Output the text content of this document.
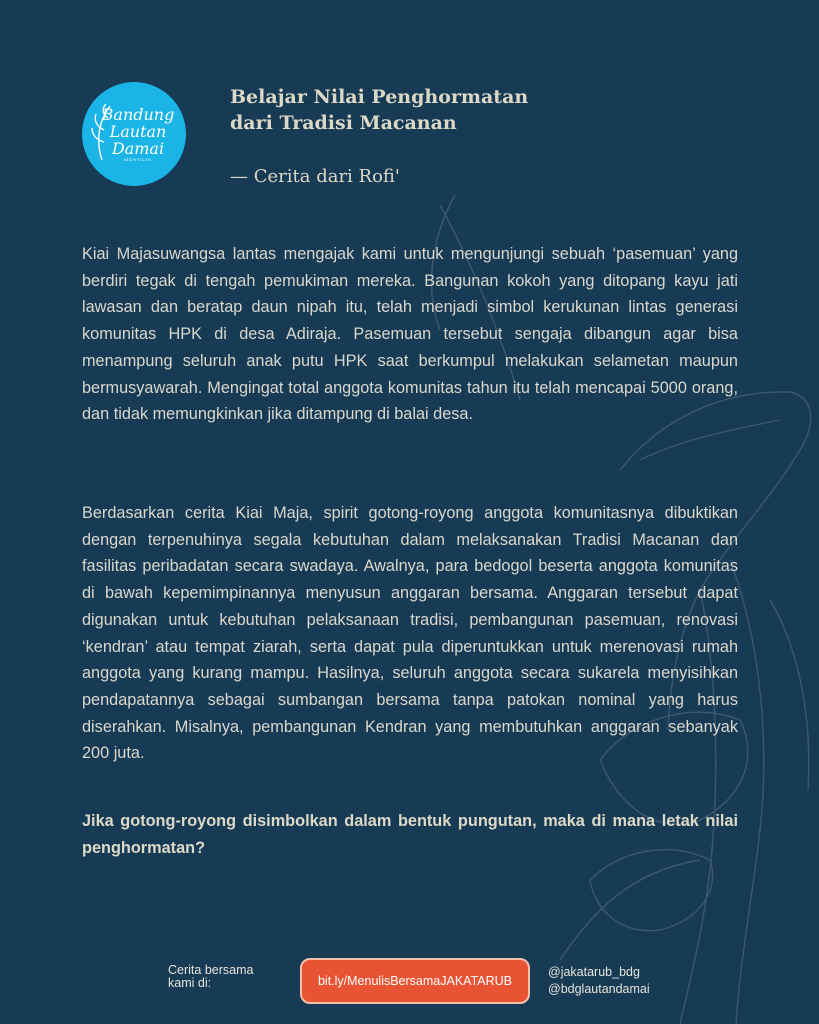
Bandung
Lautan
Damai
MENULIS
Belajar Nilai Penghormatan dari Tradisi Macanan

— Cerita dari Rofi'

Kiai Majasuwangsa lantas mengajak kami untuk mengunjungi sebuah ‘pasemuan’ yang berdiri tegak di tengah pemukiman mereka. Bangunan kokoh yang ditopang kayu jati lawasan dan beratap daun nipah itu, telah menjadi simbol kerukunan lintas generasi komunitas HPK di desa Adiraja. Pasemuan tersebut sengaja dibangun agar bisa menampung seluruh anak putu HPK saat berkumpul melakukan selametan maupun bermusyawarah. Mengingat total anggota komunitas tahun itu telah mencapai 5000 orang, dan tidak memungkinkan jika ditampung di balai desa.

Berdasarkan cerita Kiai Maja, spirit gotong-royong anggota komunitasnya dibuktikan dengan terpenuhinya segala kebutuhan dalam melaksanakan Tradisi Macanan dan fasilitas peribadatan secara swadaya. Awalnya, para bedogol beserta anggota komunitas di bawah kepemimpinannya menyusun anggaran bersama. Anggaran tersebut dapat digunakan untuk kebutuhan pelaksanaan tradisi, pembangunan pasemuan, renovasi ‘kendran’ atau tempat ziarah, serta dapat pula diperuntukkan untuk merenovasi rumah anggota yang kurang mampu. Hasilnya, seluruh anggota secara sukarela menyisihkan pendapatannya sebagai sumbangan bersama tanpa patokan nominal yang harus diserahkan. Misalnya, pembangunan Kendran yang membutuhkan anggaran sebanyak 200 juta.

Jika gotong-royong disimbolkan dalam bentuk pungutan, maka di mana letak nilai penghormatan?

Cerita bersama
kami di:	bit.ly/MenulisBersamaJAKATARUB

@jakatarub_bdg
@bdglautandamai
